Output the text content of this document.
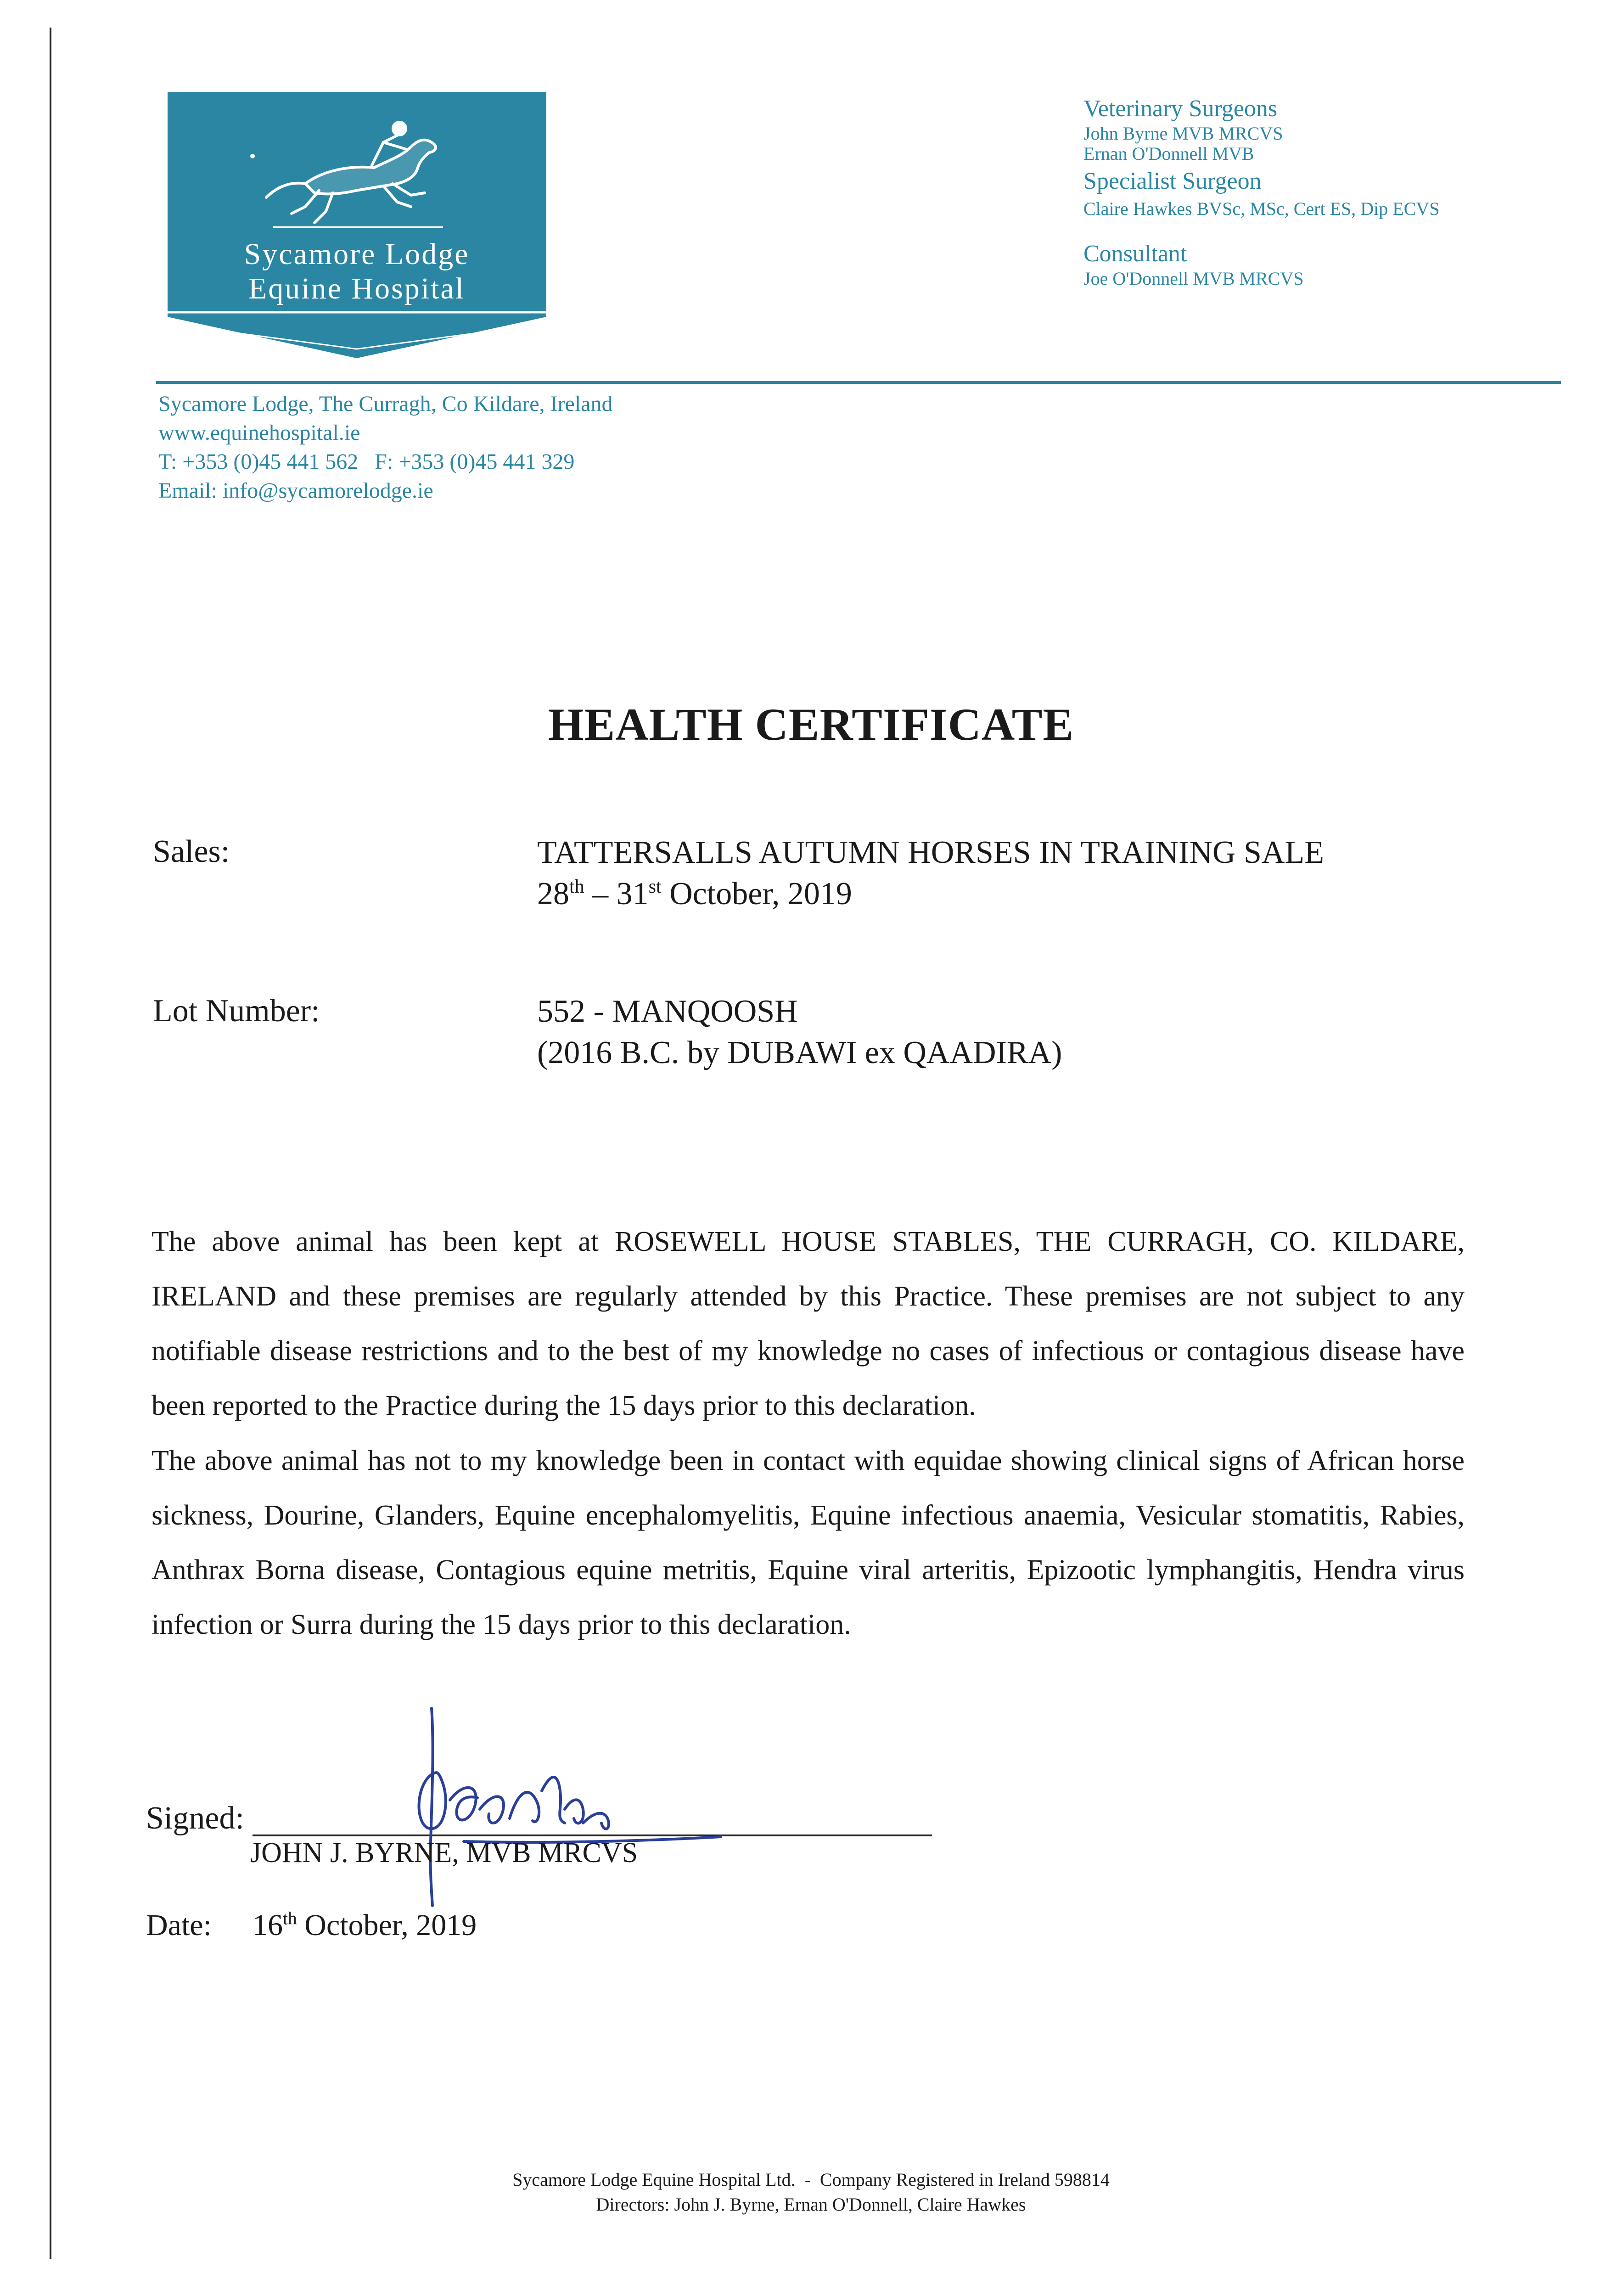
Sycamore Lodge
Equine Hospital
Veterinary Surgeons
John Byrne MVB MRCVS
Ernan O'Donnell MVB
Specialist Surgeon
Claire Hawkes BVSc, MSc, Cert ES, Dip ECVS
Consultant
Joe O'Donnell MVB MRCVS
Sycamore Lodge, The Curragh, Co Kildare, Ireland
www.equinehospital.ie
T: +353 (0)45 441 562   F: +353 (0)45 441 329
Email: info@sycamorelodge.ie
HEALTH CERTIFICATE
Sales:	TATTERSALLS AUTUMN HORSES IN TRAINING SALE
28th – 31st October, 2019
Lot Number:	552 - MANQOOSH
(2016 B.C. by DUBAWI ex QAADIRA)
The above animal has been kept at ROSEWELL HOUSE STABLES, THE CURRAGH, CO. KILDARE, IRELAND and these premises are regularly attended by this Practice. These premises are not subject to any notifiable disease restrictions and to the best of my knowledge no cases of infectious or contagious disease have been reported to the Practice during the 15 days prior to this declaration.
The above animal has not to my knowledge been in contact with equidae showing clinical signs of African horse sickness, Dourine, Glanders, Equine encephalomyelitis, Equine infectious anaemia, Vesicular stomatitis, Rabies, Anthrax Borna disease, Contagious equine metritis, Equine viral arteritis, Epizootic lymphangitis, Hendra virus infection or Surra during the 15 days prior to this declaration.
Signed:
JOHN J. BYRNE, MVB MRCVS
Date: 16th October, 2019
Sycamore Lodge Equine Hospital Ltd.  -  Company Registered in Ireland 598814
Directors: John J. Byrne, Ernan O'Donnell, Claire Hawkes
